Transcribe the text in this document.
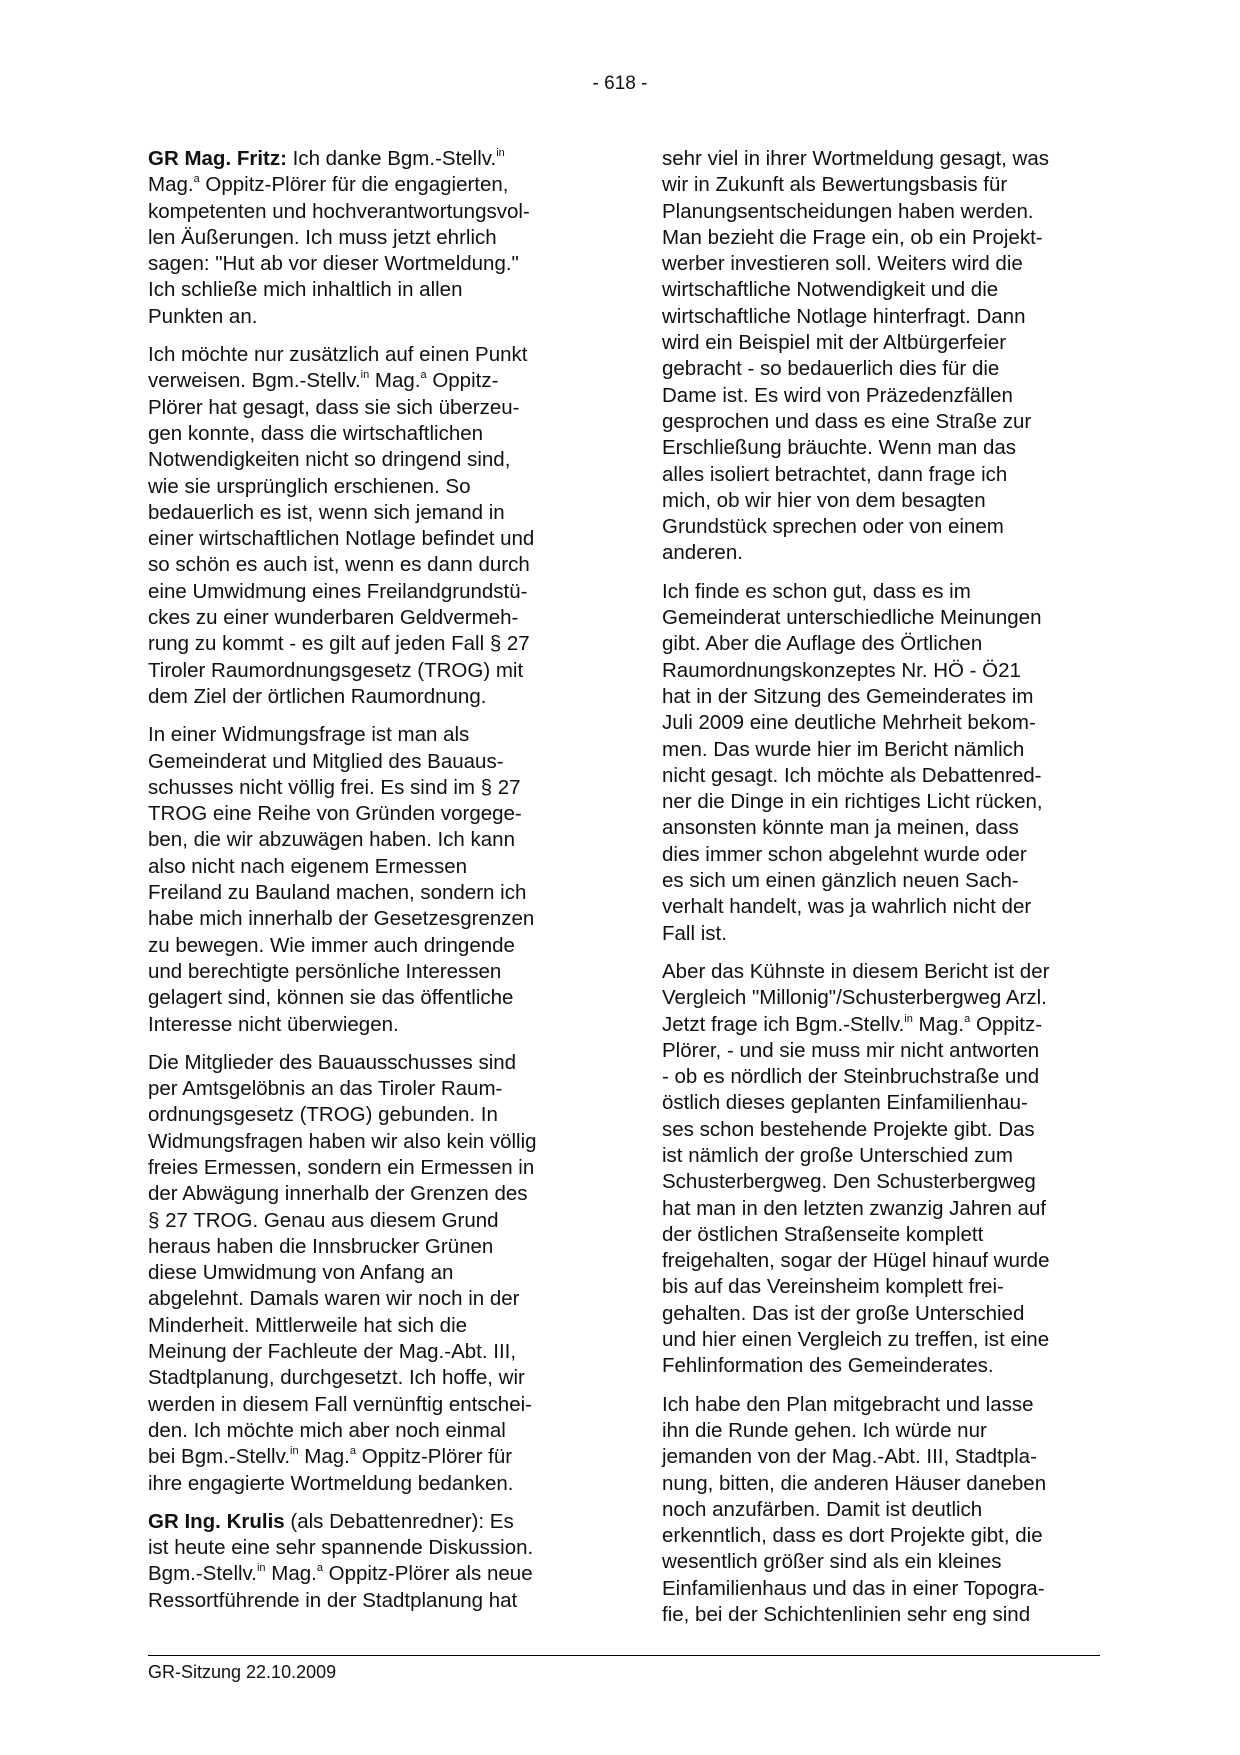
- 618 -

GR Mag. Fritz: Ich danke Bgm.-Stellv.$^{in}$
Mag.$^a$ Oppitz-Plörer für die engagierten,
kompetenten und hochverantwortungsvol-
len Äußerungen. Ich muss jetzt ehrlich
sagen: "Hut ab vor dieser Wortmeldung."
Ich schließe mich inhaltlich in allen
Punkten an.

Ich möchte nur zusätzlich auf einen Punkt
verweisen. Bgm.-Stellv.$^{in}$ Mag.$^a$ Oppitz-
Plörer hat gesagt, dass sie sich überzeu-
gen konnte, dass die wirtschaftlichen
Notwendigkeiten nicht so dringend sind,
wie sie ursprünglich erschienen. So
bedauerlich es ist, wenn sich jemand in
einer wirtschaftlichen Notlage befindet und
so schön es auch ist, wenn es dann durch
eine Umwidmung eines Freilandgrundstü-
ckes zu einer wunderbaren Geldvermeh-
rung zu kommt - es gilt auf jeden Fall § 27
Tiroler Raumordnungsgesetz (TROG) mit
dem Ziel der örtlichen Raumordnung.

In einer Widmungsfrage ist man als
Gemeinderat und Mitglied des Bauaus-
schusses nicht völlig frei. Es sind im § 27
TROG eine Reihe von Gründen vorgege-
ben, die wir abzuwägen haben. Ich kann
also nicht nach eigenem Ermessen
Freiland zu Bauland machen, sondern ich
habe mich innerhalb der Gesetzesgrenzen
zu bewegen. Wie immer auch dringende
und berechtigte persönliche Interessen
gelagert sind, können sie das öffentliche
Interesse nicht überwiegen.

Die Mitglieder des Bauausschusses sind
per Amtsgelöbnis an das Tiroler Raum-
ordnungsgesetz (TROG) gebunden. In
Widmungsfragen haben wir also kein völlig
freies Ermessen, sondern ein Ermessen in
der Abwägung innerhalb der Grenzen des
§ 27 TROG. Genau aus diesem Grund
heraus haben die Innsbrucker Grünen
diese Umwidmung von Anfang an
abgelehnt. Damals waren wir noch in der
Minderheit. Mittlerweile hat sich die
Meinung der Fachleute der Mag.-Abt. III,
Stadtplanung, durchgesetzt. Ich hoffe, wir
werden in diesem Fall vernünftig entschei-
den. Ich möchte mich aber noch einmal
bei Bgm.-Stellv.$^{in}$ Mag.$^a$ Oppitz-Plörer für
ihre engagierte Wortmeldung bedanken.

GR Ing. Krulis (als Debattenredner): Es
ist heute eine sehr spannende Diskussion.
Bgm.-Stellv.$^{in}$ Mag.$^a$ Oppitz-Plörer als neue
Ressortführende in der Stadtplanung hat

sehr viel in ihrer Wortmeldung gesagt, was
wir in Zukunft als Bewertungsbasis für
Planungsentscheidungen haben werden.
Man bezieht die Frage ein, ob ein Projekt-
werber investieren soll. Weiters wird die
wirtschaftliche Notwendigkeit und die
wirtschaftliche Notlage hinterfragt. Dann
wird ein Beispiel mit der Altbürgerfeier
gebracht - so bedauerlich dies für die
Dame ist. Es wird von Präzedenzfällen
gesprochen und dass es eine Straße zur
Erschließung bräuchte. Wenn man das
alles isoliert betrachtet, dann frage ich
mich, ob wir hier von dem besagten
Grundstück sprechen oder von einem
anderen.

Ich finde es schon gut, dass es im
Gemeinderat unterschiedliche Meinungen
gibt. Aber die Auflage des Örtlichen
Raumordnungskonzeptes Nr. HÖ - Ö21
hat in der Sitzung des Gemeinderates im
Juli 2009 eine deutliche Mehrheit bekom-
men. Das wurde hier im Bericht nämlich
nicht gesagt. Ich möchte als Debattenred-
ner die Dinge in ein richtiges Licht rücken,
ansonsten könnte man ja meinen, dass
dies immer schon abgelehnt wurde oder
es sich um einen gänzlich neuen Sach-
verhalt handelt, was ja wahrlich nicht der
Fall ist.

Aber das Kühnste in diesem Bericht ist der
Vergleich "Millonig"/Schusterbergweg Arzl.
Jetzt frage ich Bgm.-Stellv.$^{in}$ Mag.$^a$ Oppitz-
Plörer, - und sie muss mir nicht antworten
- ob es nördlich der Steinbruchstraße und
östlich dieses geplanten Einfamilienhau-
ses schon bestehende Projekte gibt. Das
ist nämlich der große Unterschied zum
Schusterbergweg. Den Schusterbergweg
hat man in den letzten zwanzig Jahren auf
der östlichen Straßenseite komplett
freigehalten, sogar der Hügel hinauf wurde
bis auf das Vereinsheim komplett frei-
gehalten. Das ist der große Unterschied
und hier einen Vergleich zu treffen, ist eine
Fehlinformation des Gemeinderates.

Ich habe den Plan mitgebracht und lasse
ihn die Runde gehen. Ich würde nur
jemanden von der Mag.-Abt. III, Stadtpla-
nung, bitten, die anderen Häuser daneben
noch anzufärben. Damit ist deutlich
erkenntlich, dass es dort Projekte gibt, die
wesentlich größer sind als ein kleines
Einfamilienhaus und das in einer Topogra-
fie, bei der Schichtenlinien sehr eng sind

GR-Sitzung 22.10.2009
